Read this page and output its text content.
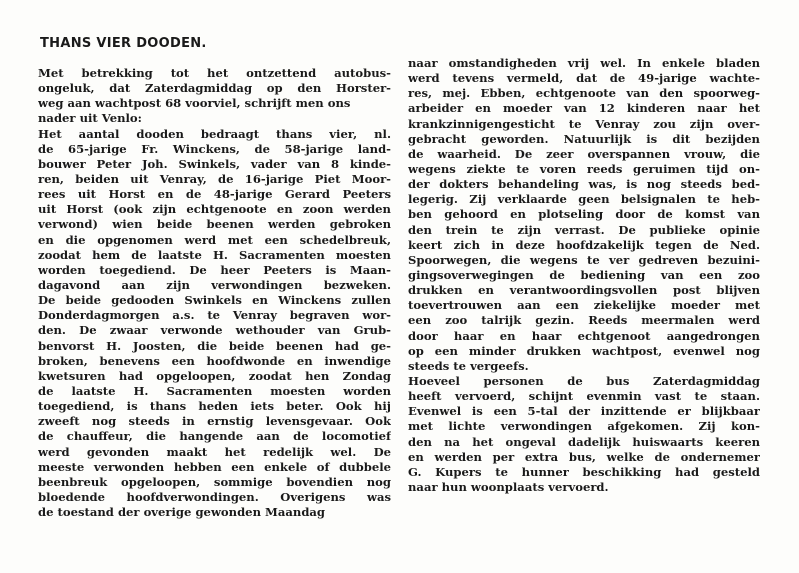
THANS VIER DOODEN.
Met betrekking tot het ontzettend autobus-
ongeluk, dat Zaterdagmiddag op den Horster-
weg aan wachtpost 68 voorviel, schrijft men ons
nader uit Venlo:
Het aantal dooden bedraagt thans vier, nl.
de 65-jarige Fr. Winckens, de 58-jarige land-
bouwer Peter Joh. Swinkels, vader van 8 kinde-
ren, beiden uit Venray, de 16-jarige Piet Moor-
rees uit Horst en de 48-jarige Gerard Peeters
uit Horst (ook zijn echtgenoote en zoon werden
verwond) wien beide beenen werden gebroken
en die opgenomen werd met een schedelbreuk,
zoodat hem de laatste H. Sacramenten moesten
worden toegediend. De heer Peeters is Maan-
dagavond aan zijn verwondingen bezweken.
De beide gedooden Swinkels en Winckens zullen
Donderdagmorgen a.s. te Venray begraven wor-
den. De zwaar verwonde wethouder van Grub-
benvorst H. Joosten, die beide beenen had ge-
broken, benevens een hoofdwonde en inwendige
kwetsuren had opgeloopen, zoodat hen Zondag
de laatste H. Sacramenten moesten worden
toegediend, is thans heden iets beter. Ook hij
zweeft nog steeds in ernstig levensgevaar. Ook
de chauffeur, die hangende aan de locomotief
werd gevonden maakt het redelijk wel. De
meeste verwonden hebben een enkele of dubbele
beenbreuk opgeloopen, sommige bovendien nog
bloedende hoofdverwondingen. Overigens was
de toestand der overige gewonden Maandag
naar omstandigheden vrij wel. In enkele bladen
werd tevens vermeld, dat de 49-jarige wachte-
res, mej. Ebben, echtgenoote van den spoorweg-
arbeider en moeder van 12 kinderen naar het
krankzinnigengesticht te Venray zou zijn over-
gebracht geworden. Natuurlijk is dit bezijden
de waarheid. De zeer overspannen vrouw, die
wegens ziekte te voren reeds geruimen tijd on-
der dokters behandeling was, is nog steeds bed-
legerig. Zij verklaarde geen belsignalen te heb-
ben gehoord en plotseling door de komst van
den trein te zijn verrast. De publieke opinie
keert zich in deze hoofdzakelijk tegen de Ned.
Spoorwegen, die wegens te ver gedreven bezuini-
gingsoverwegingen de bediening van een zoo
drukken en verantwoordingsvollen post blijven
toevertrouwen aan een ziekelijke moeder met
een zoo talrijk gezin. Reeds meermalen werd
door haar en haar echtgenoot aangedrongen
op een minder drukken wachtpost, evenwel nog
steeds te vergeefs.
Hoeveel personen de bus Zaterdagmiddag
heeft vervoerd, schijnt evenmin vast te staan.
Evenwel is een 5-tal der inzittende er blijkbaar
met lichte verwondingen afgekomen. Zij kon-
den na het ongeval dadelijk huiswaarts keeren
en werden per extra bus, welke de ondernemer
G. Kupers te hunner beschikking had gesteld
naar hun woonplaats vervoerd.
